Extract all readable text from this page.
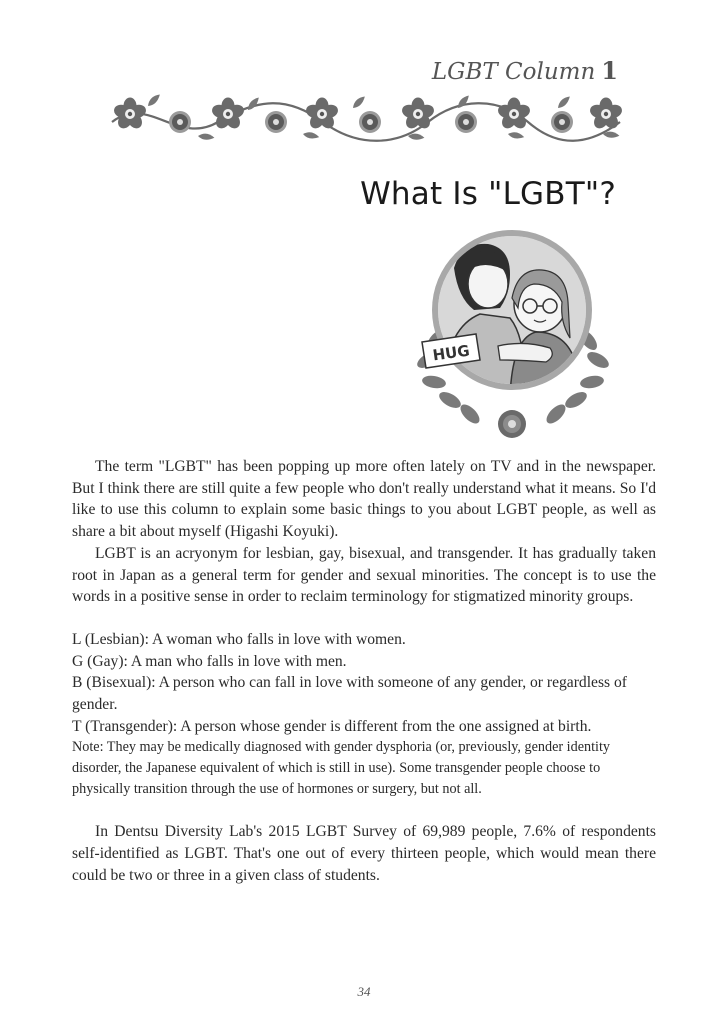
LGBT Column 1
What Is "LGBT"?
HUG

The term "LGBT" has been popping up more often lately on TV and in the newspaper. But I think there are still quite a few people who don't really understand what it means. So I'd like to use this column to explain some basic things to you about LGBT people, as well as share a bit about myself (Higashi Koyuki).

LGBT is an acryonym for lesbian, gay, bisexual, and transgender. It has gradually taken root in Japan as a general term for gender and sexual minorities. The concept is to use the words in a positive sense in order to reclaim terminology for stigmatized minority groups.

L (Lesbian): A woman who falls in love with women.

G (Gay): A man who falls in love with men.

B (Bisexual): A person who can fall in love with someone of any gender, or regardless of gender.

T (Transgender): A person whose gender is different from the one assigned at birth.

Note: They may be medically diagnosed with gender dysphoria (or, previously, gender identity disorder, the Japanese equivalent of which is still in use). Some transgender people choose to physically transition through the use of hormones or surgery, but not all.

In Dentsu Diversity Lab's 2015 LGBT Survey of 69,989 people, 7.6% of respondents self-identified as LGBT. That's one out of every thirteen people, which would mean there could be two or three in a given class of students.

34
